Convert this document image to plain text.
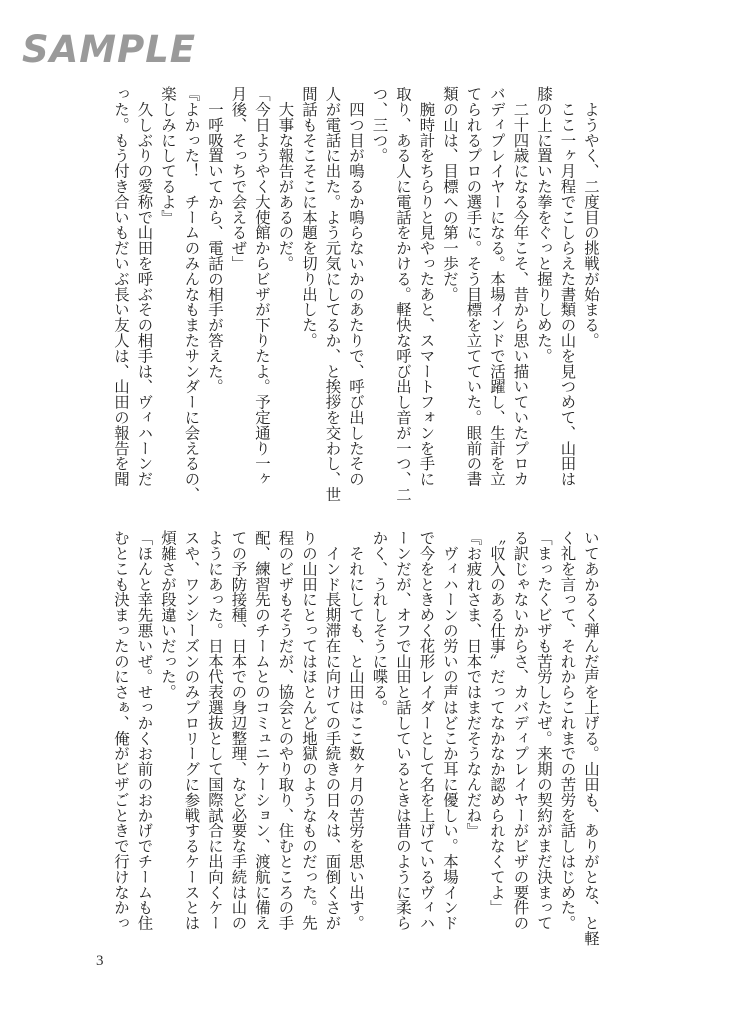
SAMPLE
　ようやく、二度目の挑戦が始まる。
　ここ一ヶ月程でこしらえた書類の山を見つめて、山田は
膝の上に置いた拳をぐっと握りしめた。
　二十四歳になる今年こそ、昔から思い描いていたプロカ
バディプレイヤーになる。本場インドで活躍し、生計を立
てられるプロの選手に。そう目標を立てていた。眼前の書
類の山は、目標への第一歩だ。
　腕時計をちらりと見やったあと、スマートフォンを手に
取り、ある人に電話をかける。軽快な呼び出し音が一つ、二
つ、三つ。
　四つ目が鳴るか鳴らないかのあたりで、呼び出したその
人が電話に出た。よう元気にしてるか、と挨拶を交わし、世
間話もそこそこに本題を切り出した。
　大事な報告があるのだ。
「今日ようやく大使館からビザが下りたよ。予定通り一ヶ
月後、そっちで会えるぜ」
　一呼吸置いてから、電話の相手が答えた。
『よかった！　チームのみんなもまたサンダーに会えるの、
楽しみにしてるよ』
　久しぶりの愛称で山田を呼ぶその相手は、ヴィハーンだ
った。もう付き合いもだいぶ長い友人は、山田の報告を聞
いてあかるく弾んだ声を上げる。山田も、ありがとな、と軽
く礼を言って、それからこれまでの苦労を話しはじめた。
「まったくビザも苦労したぜ。来期の契約がまだ決まって
る訳じゃないからさ、カバディプレイヤーがビザの要件の
〝収入のある仕事〟だってなかなか認められなくてよ」
『お疲れさま、日本ではまだそうなんだね』
　ヴィハーンの労いの声はどこか耳に優しい。本場インド
で今をときめく花形レイダーとして名を上げているヴィハ
ーンだが、オフで山田と話しているときは昔のように柔ら
かく、うれしそうに喋る。
　それにしても、と山田はここ数ヶ月の苦労を思い出す。
　インド長期滞在に向けての手続きの日々は、面倒くさが
りの山田にとってはほとんど地獄のようなものだった。先
程のビザもそうだが、協会とのやり取り、住むところの手
配、練習先のチームとのコミュニケーション、渡航に備え
ての予防接種、日本での身辺整理、など必要な手続は山の
ようにあった。日本代表選抜として国際試合に出向くケー
スや、ワンシーズンのみプロリーグに参戦するケースとは
煩雑さが段違いだった。
「ほんと幸先悪いぜ。せっかくお前のおかげでチームも住
むとこも決まったのにさぁ、俺がビザごときで行けなかっ
3
